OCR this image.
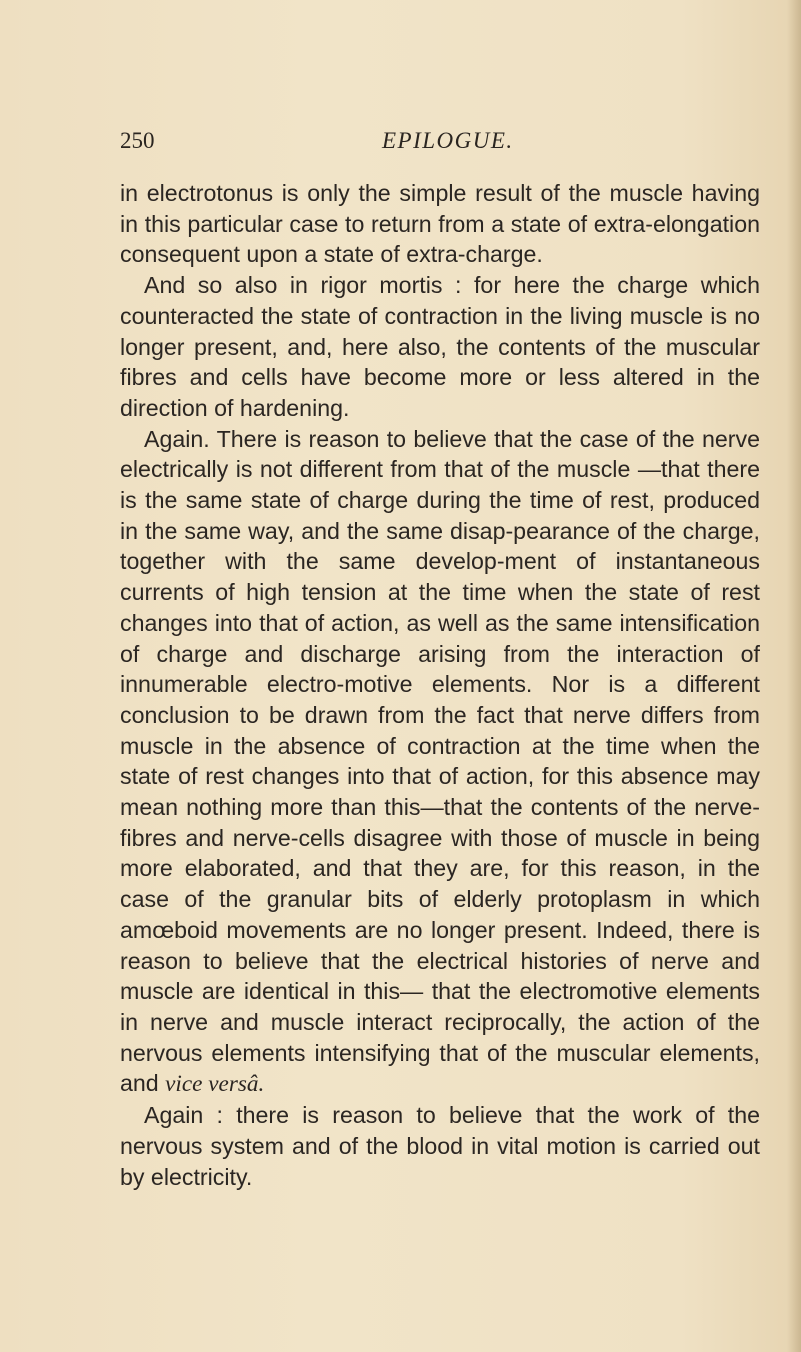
250	EPILOGUE.

in electrotonus is only the simple result of the muscle having in this particular case to return from a state of extra-elongation consequent upon a state of extra-charge.

And so also in rigor mortis : for here the charge which counteracted the state of contraction in the living muscle is no longer present, and, here also, the contents of the muscular fibres and cells have become more or less altered in the direction of hardening.

Again. There is reason to believe that the case of the nerve electrically is not different from that of the muscle —that there is the same state of charge during the time of rest, produced in the same way, and the same disap-pearance of the charge, together with the same develop-ment of instantaneous currents of high tension at the time when the state of rest changes into that of action, as well as the same intensification of charge and discharge arising from the interaction of innumerable electro-motive elements. Nor is a different conclusion to be drawn from the fact that nerve differs from muscle in the absence of contraction at the time when the state of rest changes into that of action, for this absence may mean nothing more than this—that the contents of the nerve-fibres and nerve-cells disagree with those of muscle in being more elaborated, and that they are, for this reason, in the case of the granular bits of elderly protoplasm in which amœboid movements are no longer present. Indeed, there is reason to believe that the electrical histories of nerve and muscle are identical in this— that the electromotive elements in nerve and muscle interact reciprocally, the action of the nervous elements intensifying that of the muscular elements, and vice versâ.

Again : there is reason to believe that the work of the nervous system and of the blood in vital motion is carried out by electricity.
